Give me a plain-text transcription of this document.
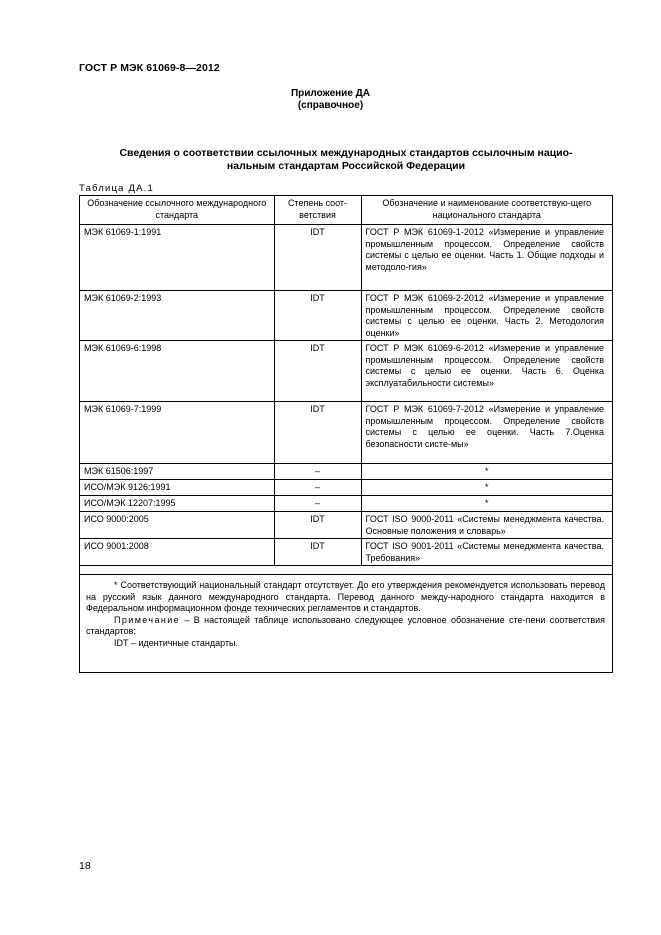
ГОСТ Р МЭК 61069-8—2012
Приложение ДА
(справочное)
Сведения о соответствии ссылочных международных стандартов ссылочным нацио-
нальным стандартам Российской Федерации
Таблица ДА.1
Обозначение ссылочного международного стандарта	Степень соот-ветствия	Обозначение и наименование соответствую-щего национального стандарта
МЭК 61069-1:1991	IDT	ГОСТ Р МЭК 61069-1-2012 «Измерение и управление промышленным процессом. Определение свойств системы с целью ее оценки. Часть 1. Общие подходы и методоло-гия»
МЭК 61069-2:1993	IDT	ГОСТ Р МЭК 61069-2-2012 «Измерение и управление промышленным процессом. Определение свойств системы с целью ее оценки. Часть 2. Методология оценки»
МЭК 61069-6:1998	IDT	ГОСТ Р МЭК 61069-6-2012 «Измерение и управление промышленным процессом. Определение свойств системы с целью ее оценки. Часть 6. Оценка эксплуатабильности системы»
МЭК 61069-7:1999	IDT	ГОСТ Р МЭК 61069-7-2012 «Измерение и управление промышленным процессом. Определение свойств системы с целью ее оценки. Часть 7.Оценка безопасности систе-мы»
МЭК 61506:1997	–	*
ИСО/МЭК 9126:1991	–	*
ИСО/МЭК 12207:1995	–	*
ИСО 9000:2005	IDT	ГОСТ ISO 9000-2011 «Системы менеджмента качества. Основные положения и словарь»
ИСО 9001:2008	IDT	ГОСТ ISO 9001-2011 «Системы менеджмента качества. Требования»

* Соответствующий национальный стандарт отсутствует. До его утверждения рекомендуется использовать перевод на русский язык данного международного стандарта. Перевод данного между-народного стандарта находится в Федеральном информационном фонде технических регламентов и стандартов.

Примечание – В настоящей таблице использовано следующее условное обозначение сте-пени соответствия стандартов:

IDT – идентичные стандарты.

18
